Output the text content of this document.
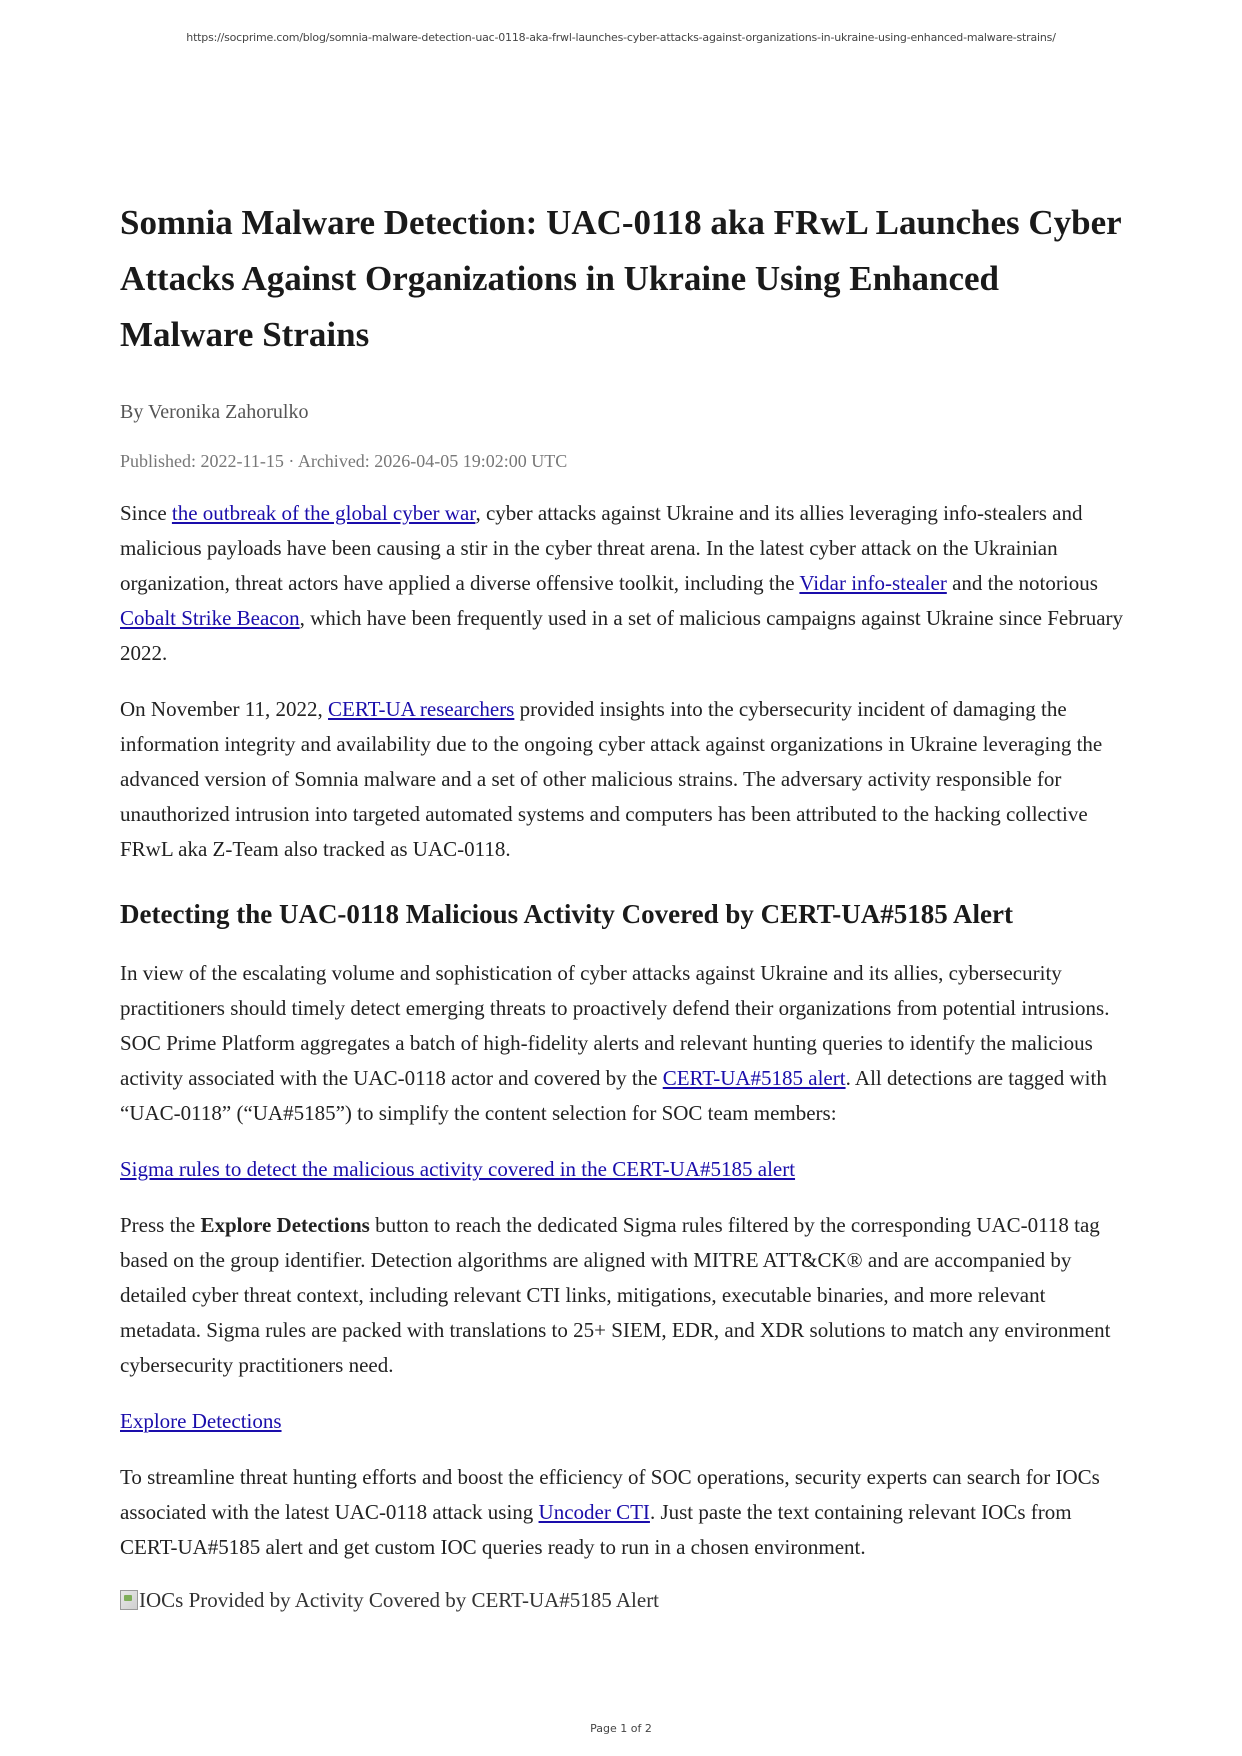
https://socprime.com/blog/somnia-malware-detection-uac-0118-aka-frwl-launches-cyber-attacks-against-organizations-in-ukraine-using-enhanced-malware-strains/
Somnia Malware Detection: UAC-0118 aka FRwL Launches Cyber Attacks Against Organizations in Ukraine Using Enhanced Malware Strains
By Veronika Zahorulko
Published: 2022-11-15 · Archived: 2026-04-05 19:02:00 UTC

Since the outbreak of the global cyber war, cyber attacks against Ukraine and its allies leveraging info-stealers and malicious payloads have been causing a stir in the cyber threat arena. In the latest cyber attack on the Ukrainian organization, threat actors have applied a diverse offensive toolkit, including the Vidar info-stealer and the notorious Cobalt Strike Beacon, which have been frequently used in a set of malicious campaigns against Ukraine since February 2022.

On November 11, 2022, CERT-UA researchers provided insights into the cybersecurity incident of damaging the information integrity and availability due to the ongoing cyber attack against organizations in Ukraine leveraging the advanced version of Somnia malware and a set of other malicious strains. The adversary activity responsible for unauthorized intrusion into targeted automated systems and computers has been attributed to the hacking collective FRwL aka Z-Team also tracked as UAC-0118.

Detecting the UAC-0118 Malicious Activity Covered by CERT-UA#5185 Alert

In view of the escalating volume and sophistication of cyber attacks against Ukraine and its allies, cybersecurity practitioners should timely detect emerging threats to proactively defend their organizations from potential intrusions. SOC Prime Platform aggregates a batch of high-fidelity alerts and relevant hunting queries to identify the malicious activity associated with the UAC-0118 actor and covered by the CERT-UA#5185 alert. All detections are tagged with “UAC-0118” (“UA#5185”) to simplify the content selection for SOC team members:

Sigma rules to detect the malicious activity covered in the CERT-UA#5185 alert

Press the Explore Detections button to reach the dedicated Sigma rules filtered by the corresponding UAC-0118 tag based on the group identifier. Detection algorithms are aligned with MITRE ATT&CK® and are accompanied by detailed cyber threat context, including relevant CTI links, mitigations, executable binaries, and more relevant metadata. Sigma rules are packed with translations to 25+ SIEM, EDR, and XDR solutions to match any environment cybersecurity practitioners need.

Explore Detections

To streamline threat hunting efforts and boost the efficiency of SOC operations, security experts can search for IOCs associated with the latest UAC-0118 attack using Uncoder CTI. Just paste the text containing relevant IOCs from CERT-UA#5185 alert and get custom IOC queries ready to run in a chosen environment.

IOCs Provided by Activity Covered by CERT-UA#5185 Alert
Page 1 of 2
